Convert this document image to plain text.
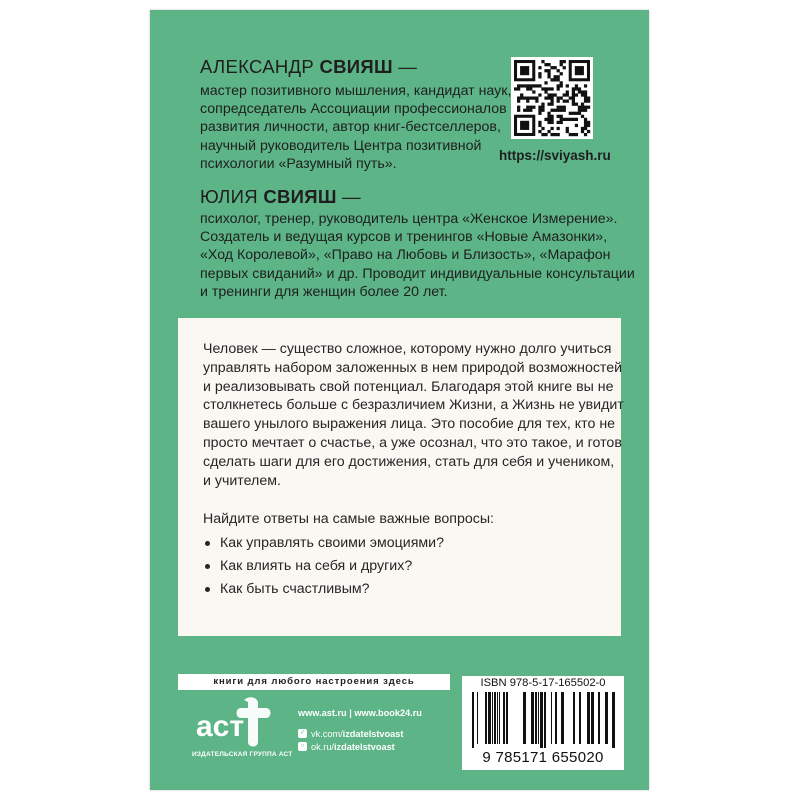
АЛЕКСАНДР СВИЯШ —
мастер позитивного мышления, кандидат наук,
сопредседатель Ассоциации профессионалов
развития личности, автор книг-бестселлеров,
научный руководитель Центра позитивной
психологии «Разумный путь».
https://sviyash.ru
ЮЛИЯ СВИЯШ —
психолог, тренер, руководитель центра «Женское Измерение».
Создатель и ведущая курсов и тренингов «Новые Амазонки»,
«Ход Королевой», «Право на Любовь и Близость», «Марафон
первых свиданий» и др. Проводит индивидуальные консультации
и тренинги для женщин более 20 лет.
Человек — существо сложное, которому нужно долго учиться
управлять набором заложенных в нем природой возможностей
и реализовывать свой потенциал. Благодаря этой книге вы не
столкнетесь больше с безразличием Жизни, а Жизнь не увидит
вашего унылого выражения лица. Это пособие для тех, кто не
просто мечтает о счастье, а уже осознал, что это такое, и готов
сделать шаги для его достижения, стать для себя и учеником,
и учителем.
Найдите ответы на самые важные вопросы:
Как управлять своими эмоциями?
Как влиять на себя и других?
Как быть счастливым?
книги для любого настроения здесь
аст
ИЗДАТЕЛЬСКАЯ ГРУППА АСТ
www.ast.ru | www.book24.ru
✓ vk.com/ izdatelstvoast
○ ok.ru/ izdatelstvoast
ISBN 978-5-17-165502-0
9 785171 655020
